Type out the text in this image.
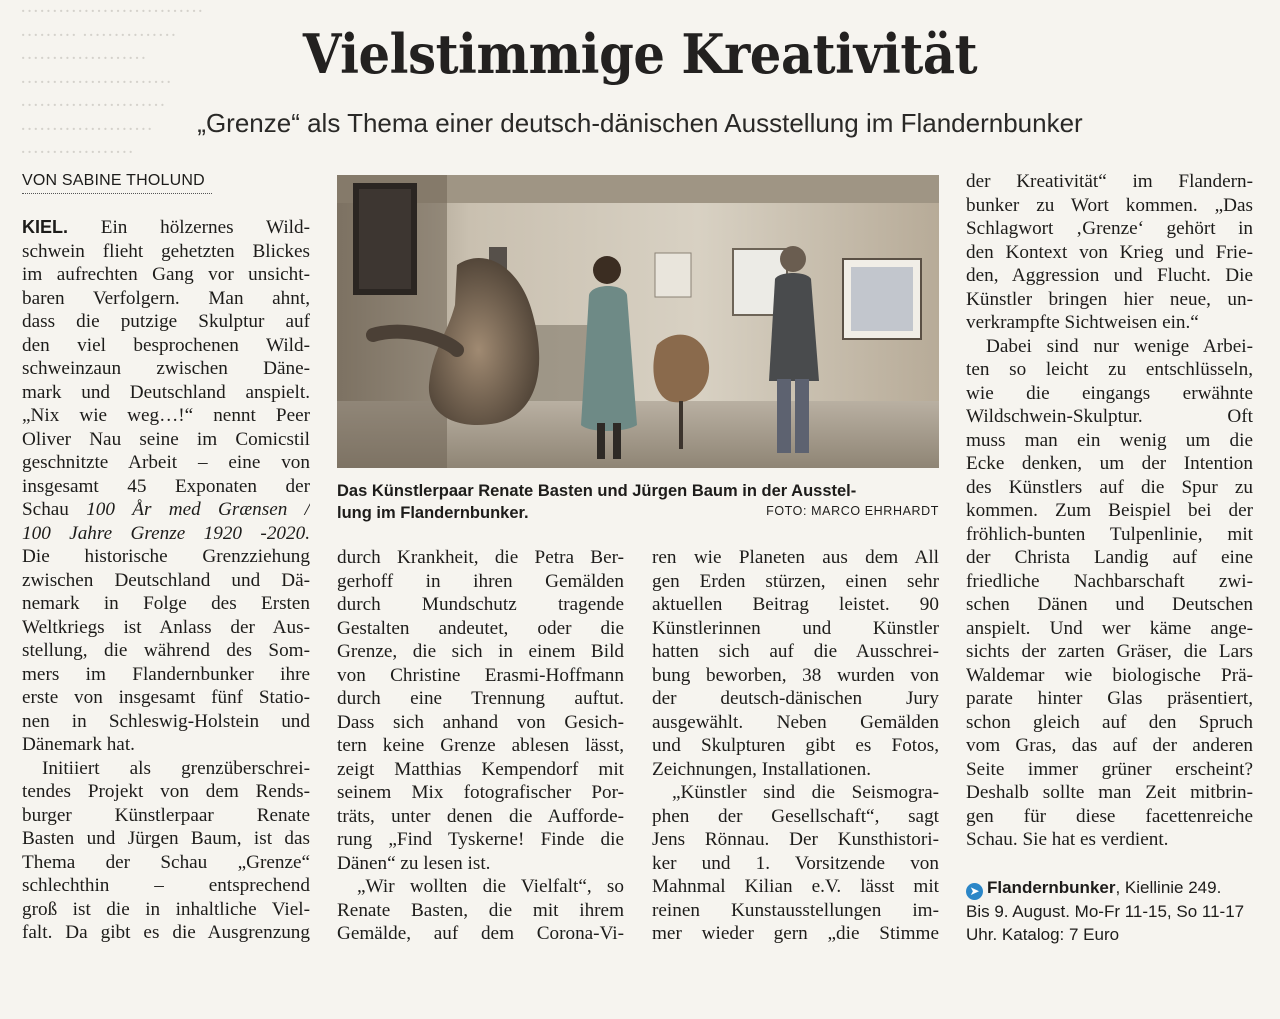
·····························
········· ···············
····················
························
·······················
·····················
··················
Vielstimmige Kreativität
„Grenze“ als Thema einer deutsch-dänischen Ausstellung im Flandernbunker
VON SABINE THOLUND
KIEL. Ein hölzernes Wild-
schwein flieht gehetzten Blickes
im aufrechten Gang vor unsicht-
baren Verfolgern. Man ahnt,
dass die putzige Skulptur auf
den viel besprochenen Wild-
schweinzaun zwischen Däne-
mark und Deutschland anspielt.
„Nix wie weg…!“ nennt Peer
Oliver Nau seine im Comicstil
geschnitzte Arbeit – eine von
insgesamt 45 Exponaten der
Schau 100 År med Grænsen /
100 Jahre Grenze 1920 -2020.
Die historische Grenzziehung
zwischen Deutschland und Dä-
nemark in Folge des Ersten
Weltkriegs ist Anlass der Aus-
stellung, die während des Som-
mers im Flandernbunker ihre
erste von insgesamt fünf Statio-
nen in Schleswig-Holstein und
Dänemark hat.
Initiiert als grenzüberschrei-
tendes Projekt von dem Rends-
burger Künstlerpaar Renate
Basten und Jürgen Baum, ist das
Thema der Schau „Grenze“
schlechthin – entsprechend
groß ist die in inhaltliche Viel-
falt. Da gibt es die Ausgrenzung
Das Künstlerpaar Renate Basten und Jürgen Baum in der Ausstel-
lung im Flandernbunker.	FOTO: MARCO EHRHARDT
durch Krankheit, die Petra Ber-
gerhoff in ihren Gemälden
durch Mundschutz tragende
Gestalten andeutet, oder die
Grenze, die sich in einem Bild
von Christine Erasmi-Hoffmann
durch eine Trennung auftut.
Dass sich anhand von Gesich-
tern keine Grenze ablesen lässt,
zeigt Matthias Kempendorf mit
seinem Mix fotografischer Por-
träts, unter denen die Aufforde-
rung „Find Tyskerne! Finde die
Dänen“ zu lesen ist.
„Wir wollten die Vielfalt“, so
Renate Basten, die mit ihrem
Gemälde, auf dem Corona-Vi-
ren wie Planeten aus dem All
gen Erden stürzen, einen sehr
aktuellen Beitrag leistet. 90
Künstlerinnen und Künstler
hatten sich auf die Ausschrei-
bung beworben, 38 wurden von
der deutsch-dänischen Jury
ausgewählt. Neben Gemälden
und Skulpturen gibt es Fotos,
Zeichnungen, Installationen.
„Künstler sind die Seismogra-
phen der Gesellschaft“, sagt
Jens Rönnau. Der Kunsthistori-
ker und 1. Vorsitzende von
Mahnmal Kilian e.V. lässt mit
reinen Kunstausstellungen im-
mer wieder gern „die Stimme
der Kreativität“ im Flandern-
bunker zu Wort kommen. „Das
Schlagwort ‚Grenze‘ gehört in
den Kontext von Krieg und Frie-
den, Aggression und Flucht. Die
Künstler bringen hier neue, un-
verkrampfte Sichtweisen ein.“
Dabei sind nur wenige Arbei-
ten so leicht zu entschlüsseln,
wie die eingangs erwähnte
Wildschwein-Skulptur. Oft
muss man ein wenig um die
Ecke denken, um der Intention
des Künstlers auf die Spur zu
kommen. Zum Beispiel bei der
fröhlich-bunten Tulpenlinie, mit
der Christa Landig auf eine
friedliche Nachbarschaft zwi-
schen Dänen und Deutschen
anspielt. Und wer käme ange-
sichts der zarten Gräser, die Lars
Waldemar wie biologische Prä-
parate hinter Glas präsentiert,
schon gleich auf den Spruch
vom Gras, das auf der anderen
Seite immer grüner erscheint?
Deshalb sollte man Zeit mitbrin-
gen für diese facettenreiche
Schau. Sie hat es verdient.
➤ Flandernbunker, Kiellinie 249.
Bis 9. August. Mo-Fr 11-15, So 11-17
Uhr. Katalog: 7 Euro
